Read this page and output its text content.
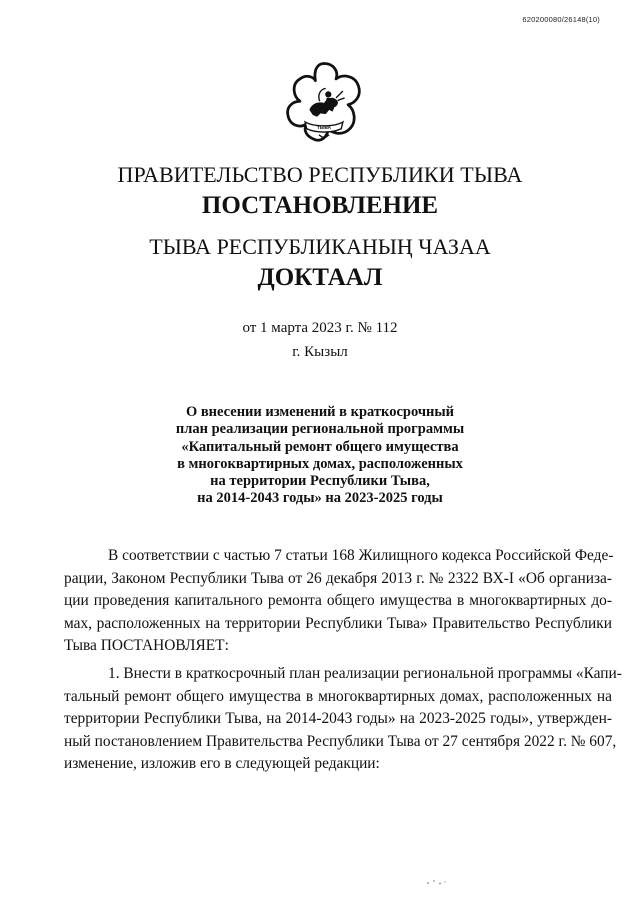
620200080/26148(10)
ТЫВА
ПРАВИТЕЛЬСТВО РЕСПУБЛИКИ ТЫВА
ПОСТАНОВЛЕНИЕ
ТЫВА РЕСПУБЛИКАНЫҢ ЧАЗАА
ДОКТААЛ
от 1 марта 2023 г. № 112
г. Кызыл
О внесении изменений в краткосрочный
план реализации региональной программы
«Капитальный ремонт общего имущества
в многоквартирных домах, расположенных
на территории Республики Тыва,
на 2014-2043 годы» на 2023-2025 годы
В соответствии с частью 7 статьи 168 Жилищного кодекса Российской Феде-
рации, Законом Республики Тыва от 26 декабря 2013 г. № 2322 ВХ-I «Об организа-
ции проведения капитального ремонта общего имущества в многоквартирных до-
мах, расположенных на территории Республики Тыва» Правительство Республики
Тыва ПОСТАНОВЛЯЕТ:
1. Внести в краткосрочный план реализации региональной программы «Капи-
тальный ремонт общего имущества в многоквартирных домах, расположенных на
территории Республики Тыва, на 2014-2043 годы» на 2023-2025 годы», утвержден-
ный постановлением Правительства Республики Тыва от 27 сентября 2022 г. № 607,
изменение, изложив его в следующей редакции:
